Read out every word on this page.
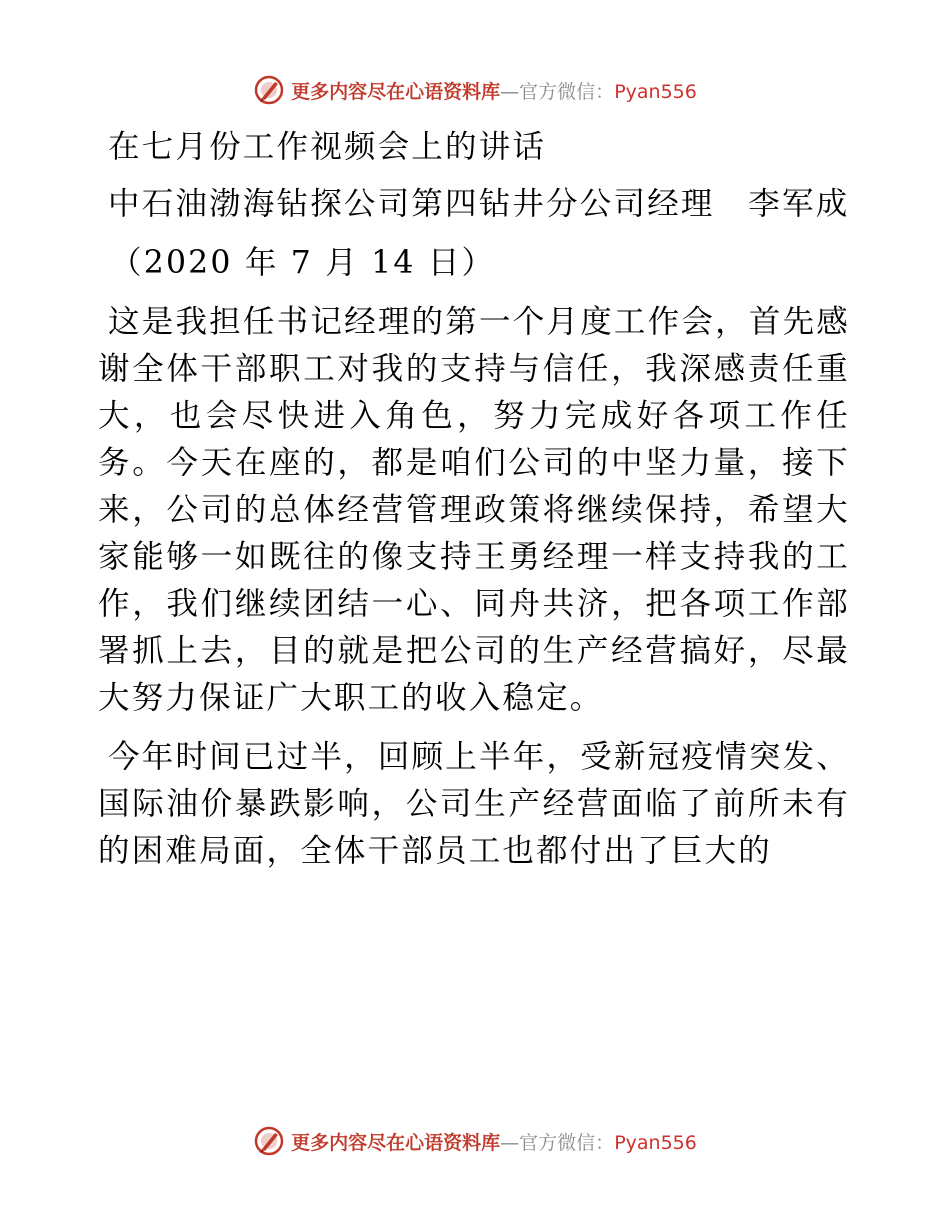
更多内容尽在心语资料库—官方微信：Pyan556

在七月份工作视频会上的讲话

中石油渤海钻探公司第四钻井分公司经理　李军成

（2020 年 7 月 14 日）

这是我担任书记经理的第一个月度工作会，首先感谢全体干部职工对我的支持与信任，我深感责任重大，也会尽快进入角色，努力完成好各项工作任务。今天在座的，都是咱们公司的中坚力量，接下来，公司的总体经营管理政策将继续保持，希望大家能够一如既往的像支持王勇经理一样支持我的工作，我们继续团结一心、同舟共济，把各项工作部署抓上去，目的就是把公司的生产经营搞好，尽最大努力保证广大职工的收入稳定。

今年时间已过半，回顾上半年，受新冠疫情突发、国际油价暴跌影响，公司生产经营面临了前所未有的困难局面，全体干部员工也都付出了巨大的

更多内容尽在心语资料库—官方微信：Pyan556
